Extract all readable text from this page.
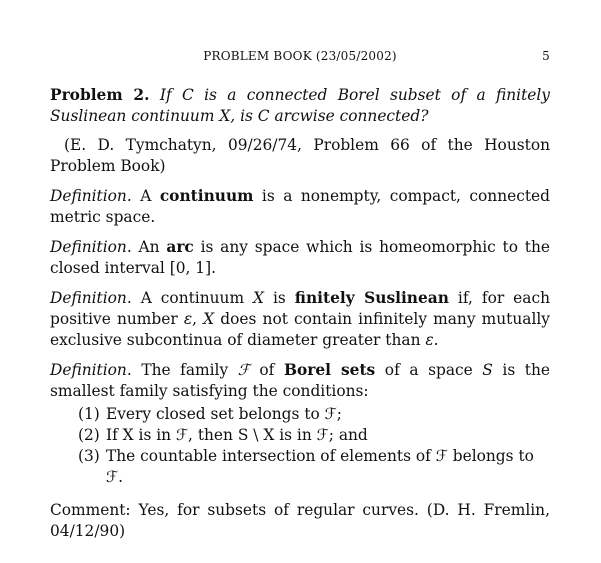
PROBLEM BOOK (23/05/2002)	5

Problem 2. If C is a connected Borel subset of a finitely Suslinean continuum X, is C arcwise connected?

(E. D. Tymchatyn, 09/26/74, Problem 66 of the Houston Problem Book)

Definition. A continuum is a nonempty, compact, connected metric space.

Definition. An arc is any space which is homeomorphic to the closed interval [0, 1].

Definition. A continuum X is finitely Suslinean if, for each positive number ε, X does not contain infinitely many mutually exclusive subcontinua of diameter greater than ε.

Definition. The family ℱ of Borel sets of a space S is the smallest family satisfying the conditions:

(1) Every closed set belongs to ℱ;
(2) If X is in ℱ, then S \ X is in ℱ; and
(3) The countable intersection of elements of ℱ belongs to ℱ.

Comment: Yes, for subsets of regular curves. (D. H. Fremlin, 04/12/90)
